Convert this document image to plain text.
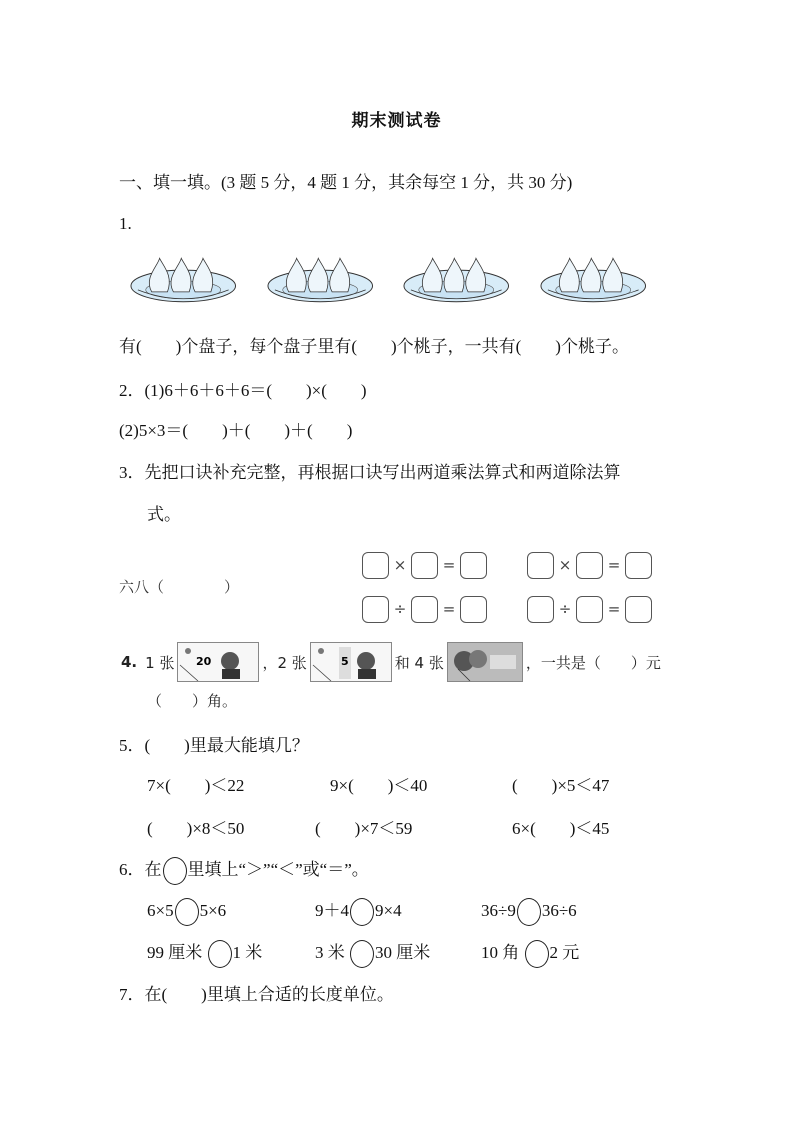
期末测试卷
一、填一填。(3 题 5 分，4 题 1 分，其余每空 1 分，共 30 分)
1.
有(　　)个盘子，每个盘子里有(　　)个桃子，一共有(　　)个桃子。
2．(1)6＋6＋6＋6＝(　　)×(　　)
(2)5×3＝(　　)＋(　　)＋(　　)
3．先把口诀补充完整，再根据口诀写出两道乘法算式和两道除法算
式。
六八（　　　　）
×	=	×	=
÷	=	÷	=
4. 1 张 20	，2 张	5	和 4 张	，一共是（　　）元
（　　）角。
5．(　　)里最大能填几？
7×(　　)＜22	9×(　　)＜40	(　　)×5＜47
(　　)×8＜50	(　　)×7＜59	6×(　　)＜45
6．在 里填上“＞”“＜”或“＝”。
6×5 5×6	9＋4 9×4	36÷9 36÷6
99 厘米 1 米	3 米 30 厘米	10 角 2 元
7．在(　　)里填上合适的长度单位。
